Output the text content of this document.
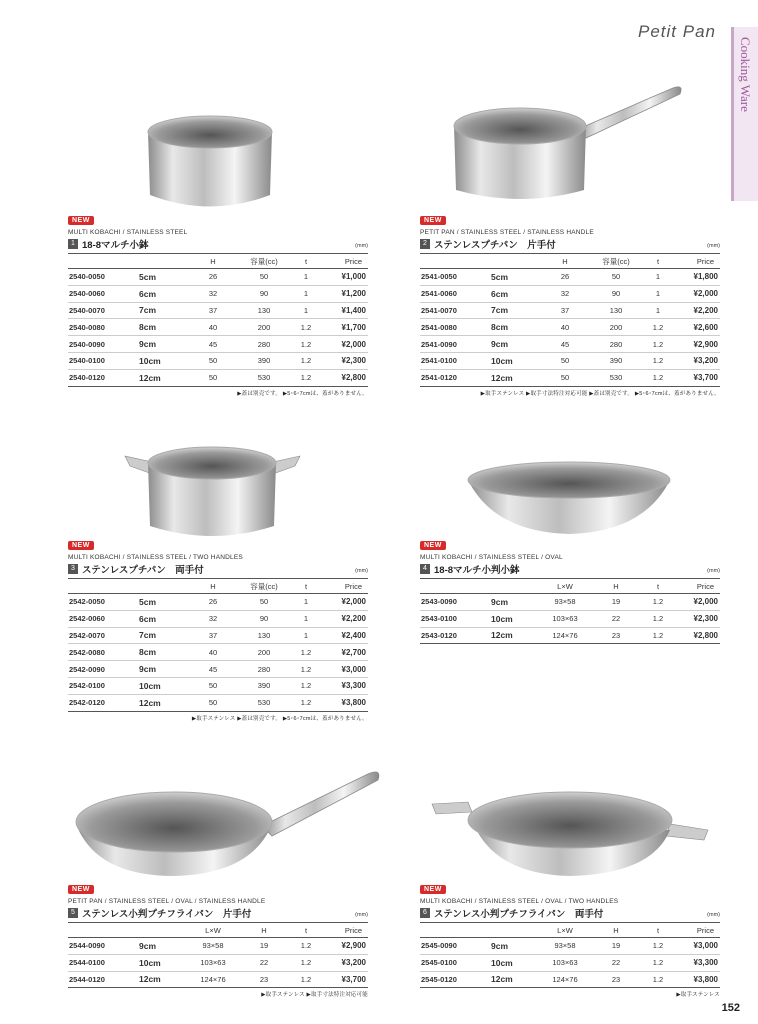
Petit Pan
Cooking Ware
NEW
MULTI KOBACHI / STAINLESS STEEL
1 18-8マルチ小鉢	(mm)
		H	容量(cc)	t	Price
2540-0050	5cm	26	50	1	¥1,000
2540-0060	6cm	32	90	1	¥1,200
2540-0070	7cm	37	130	1	¥1,400
2540-0080	8cm	40	200	1.2	¥1,700
2540-0090	9cm	45	280	1.2	¥2,000
2540-0100	10cm	50	390	1.2	¥2,300
2540-0120	12cm	50	530	1.2	¥2,800
▶蓋は別売です。 ▶5･6･7cmは、蓋がありません。
NEW
PETIT PAN / STAINLESS STEEL / STAINLESS HANDLE
2 ステンレスプチパン　片手付	(mm)
		H	容量(cc)	t	Price
2541-0050	5cm	26	50	1	¥1,800
2541-0060	6cm	32	90	1	¥2,000
2541-0070	7cm	37	130	1	¥2,200
2541-0080	8cm	40	200	1.2	¥2,600
2541-0090	9cm	45	280	1.2	¥2,900
2541-0100	10cm	50	390	1.2	¥3,200
2541-0120	12cm	50	530	1.2	¥3,700
▶取手ステンレス ▶取手寸法特注対応可能 ▶蓋は別売です。 ▶5･6･7cmは、蓋がありません。
NEW
MULTI KOBACHI / STAINLESS STEEL / TWO HANDLES
3 ステンレスプチパン　両手付	(mm)
		H	容量(cc)	t	Price
2542-0050	5cm	26	50	1	¥2,000
2542-0060	6cm	32	90	1	¥2,200
2542-0070	7cm	37	130	1	¥2,400
2542-0080	8cm	40	200	1.2	¥2,700
2542-0090	9cm	45	280	1.2	¥3,000
2542-0100	10cm	50	390	1.2	¥3,300
2542-0120	12cm	50	530	1.2	¥3,800
▶取手ステンレス ▶蓋は別売です。 ▶5･6･7cmは、蓋がありません。
NEW
MULTI KOBACHI / STAINLESS STEEL / OVAL
4 18-8マルチ小判小鉢	(mm)
		L×W	H	t	Price
2543-0090	9cm	93×58	19	1.2	¥2,000
2543-0100	10cm	103×63	22	1.2	¥2,300
2543-0120	12cm	124×76	23	1.2	¥2,800
NEW
PETIT PAN / STAINLESS STEEL / OVAL / STAINLESS HANDLE
5 ステンレス小判プチフライパン　片手付	(mm)
		L×W	H	t	Price
2544-0090	9cm	93×58	19	1.2	¥2,900
2544-0100	10cm	103×63	22	1.2	¥3,200
2544-0120	12cm	124×76	23	1.2	¥3,700
▶取手ステンレス ▶取手寸法特注対応可能
NEW
MULTI KOBACHI / STAINLESS STEEL / OVAL / TWO HANDLES
6 ステンレス小判プチフライパン　両手付	(mm)
		L×W	H	t	Price
2545-0090	9cm	93×58	19	1.2	¥3,000
2545-0100	10cm	103×63	22	1.2	¥3,300
2545-0120	12cm	124×76	23	1.2	¥3,800
▶取手ステンレス
152
